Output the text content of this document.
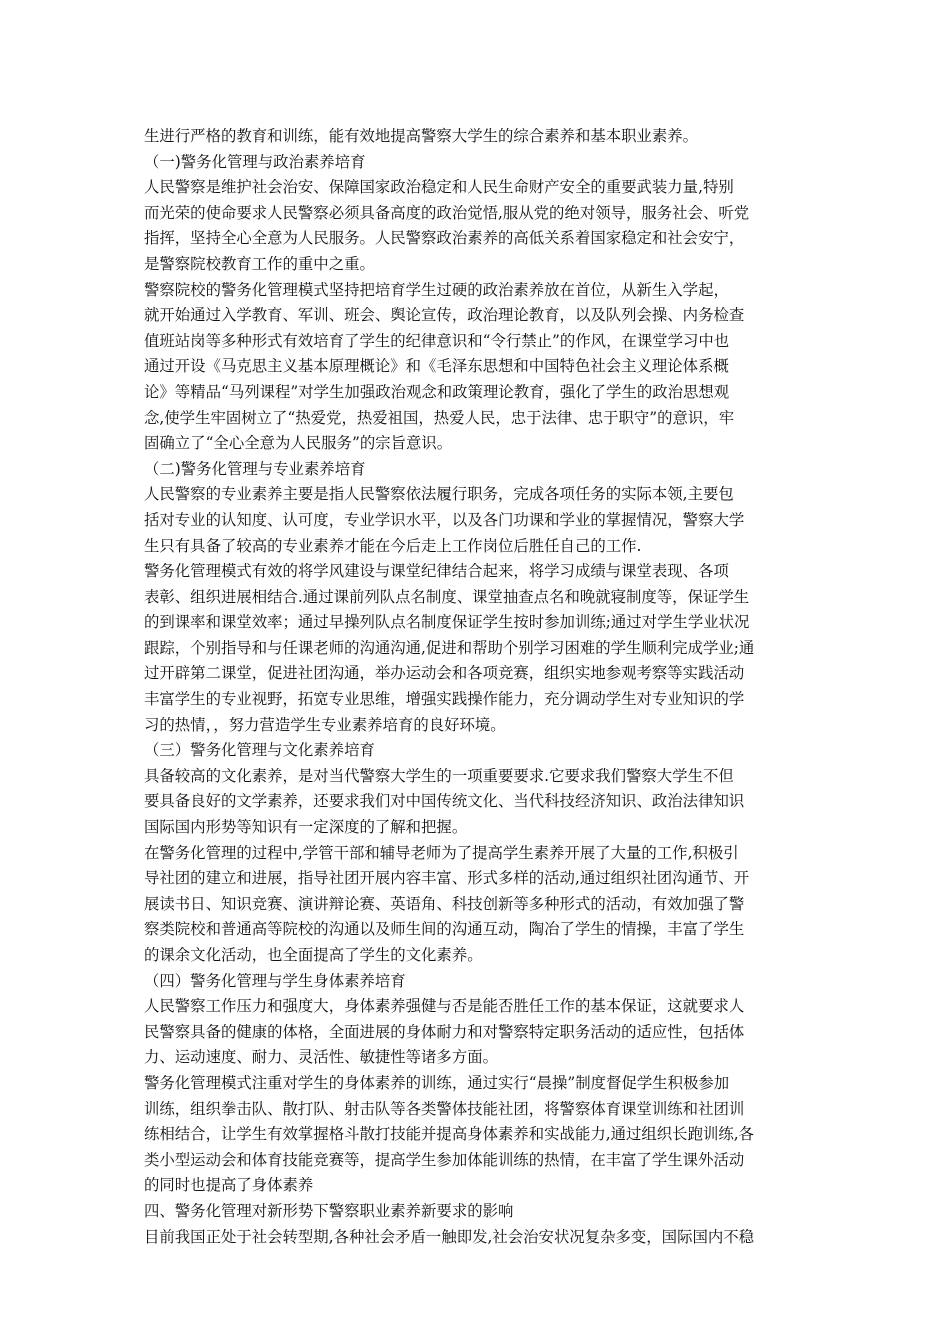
生进行严格的教育和训练，能有效地提高警察大学生的综合素养和基本职业素养。
（一)警务化管理与政治素养培育
人民警察是维护社会治安、保障国家政治稳定和人民生命财产安全的重要武装力量,特别
而光荣的使命要求人民警察必须具备高度的政治觉悟,服从党的绝对领导，服务社会、听党
指挥，坚持全心全意为人民服务。人民警察政治素养的高低关系着国家稳定和社会安宁，
是警察院校教育工作的重中之重。
警察院校的警务化管理模式坚持把培育学生过硬的政治素养放在首位，从新生入学起，
就开始通过入学教育、军训、班会、舆论宣传，政治理论教育，以及队列会操、内务检查
值班站岗等多种形式有效培育了学生的纪律意识和“令行禁止”的作风，在课堂学习中也
通过开设《马克思主义基本原理概论》和《毛泽东思想和中国特色社会主义理论体系概
论》等精品“马列课程”对学生加强政治观念和政策理论教育，强化了学生的政治思想观
念,使学生牢固树立了“热爱党，热爱祖国，热爱人民，忠于法律、忠于职守”的意识，牢
固确立了“全心全意为人民服务”的宗旨意识。
（二)警务化管理与专业素养培育
人民警察的专业素养主要是指人民警察依法履行职务，完成各项任务的实际本领,主要包
括对专业的认知度、认可度，专业学识水平，以及各门功课和学业的掌握情况，警察大学
生只有具备了较高的专业素养才能在今后走上工作岗位后胜任自己的工作.
警务化管理模式有效的将学风建设与课堂纪律结合起来，将学习成绩与课堂表现、各项
表彰、组织进展相结合.通过课前列队点名制度、课堂抽查点名和晚就寝制度等，保证学生
的到课率和课堂效率；通过早操列队点名制度保证学生按时参加训练;通过对学生学业状况
跟踪，个别指导和与任课老师的沟通沟通,促进和帮助个别学习困难的学生顺利完成学业;通
过开辟第二课堂，促进社团沟通，举办运动会和各项竞赛，组织实地参观考察等实践活动
丰富学生的专业视野，拓宽专业思维，增强实践操作能力，充分调动学生对专业知识的学
习的热情，，努力营造学生专业素养培育的良好环境。
（三）警务化管理与文化素养培育
具备较高的文化素养，是对当代警察大学生的一项重要要求.它要求我们警察大学生不但
要具备良好的文学素养，还要求我们对中国传统文化、当代科技经济知识、政治法律知识
国际国内形势等知识有一定深度的了解和把握。
在警务化管理的过程中,学管干部和辅导老师为了提高学生素养开展了大量的工作,积极引
导社团的建立和进展，指导社团开展内容丰富、形式多样的活动,通过组织社团沟通节、开
展读书日、知识竞赛、演讲辩论赛、英语角、科技创新等多种形式的活动，有效加强了警
察类院校和普通高等院校的沟通以及师生间的沟通互动，陶冶了学生的情操，丰富了学生
的课余文化活动，也全面提高了学生的文化素养。
（四）警务化管理与学生身体素养培育
人民警察工作压力和强度大，身体素养强健与否是能否胜任工作的基本保证，这就要求人
民警察具备的健康的体格，全面进展的身体耐力和对警察特定职务活动的适应性，包括体
力、运动速度、耐力、灵活性、敏捷性等诸多方面。
警务化管理模式注重对学生的身体素养的训练，通过实行“晨操”制度督促学生积极参加
训练，组织拳击队、散打队、射击队等各类警体技能社团，将警察体育课堂训练和社团训
练相结合，让学生有效掌握格斗散打技能并提高身体素养和实战能力,通过组织长跑训练,各
类小型运动会和体育技能竞赛等，提高学生参加体能训练的热情，在丰富了学生课外活动
的同时也提高了身体素养
四、警务化管理对新形势下警察职业素养新要求的影响
目前我国正处于社会转型期,各种社会矛盾一触即发,社会治安状况复杂多变，国际国内不稳
